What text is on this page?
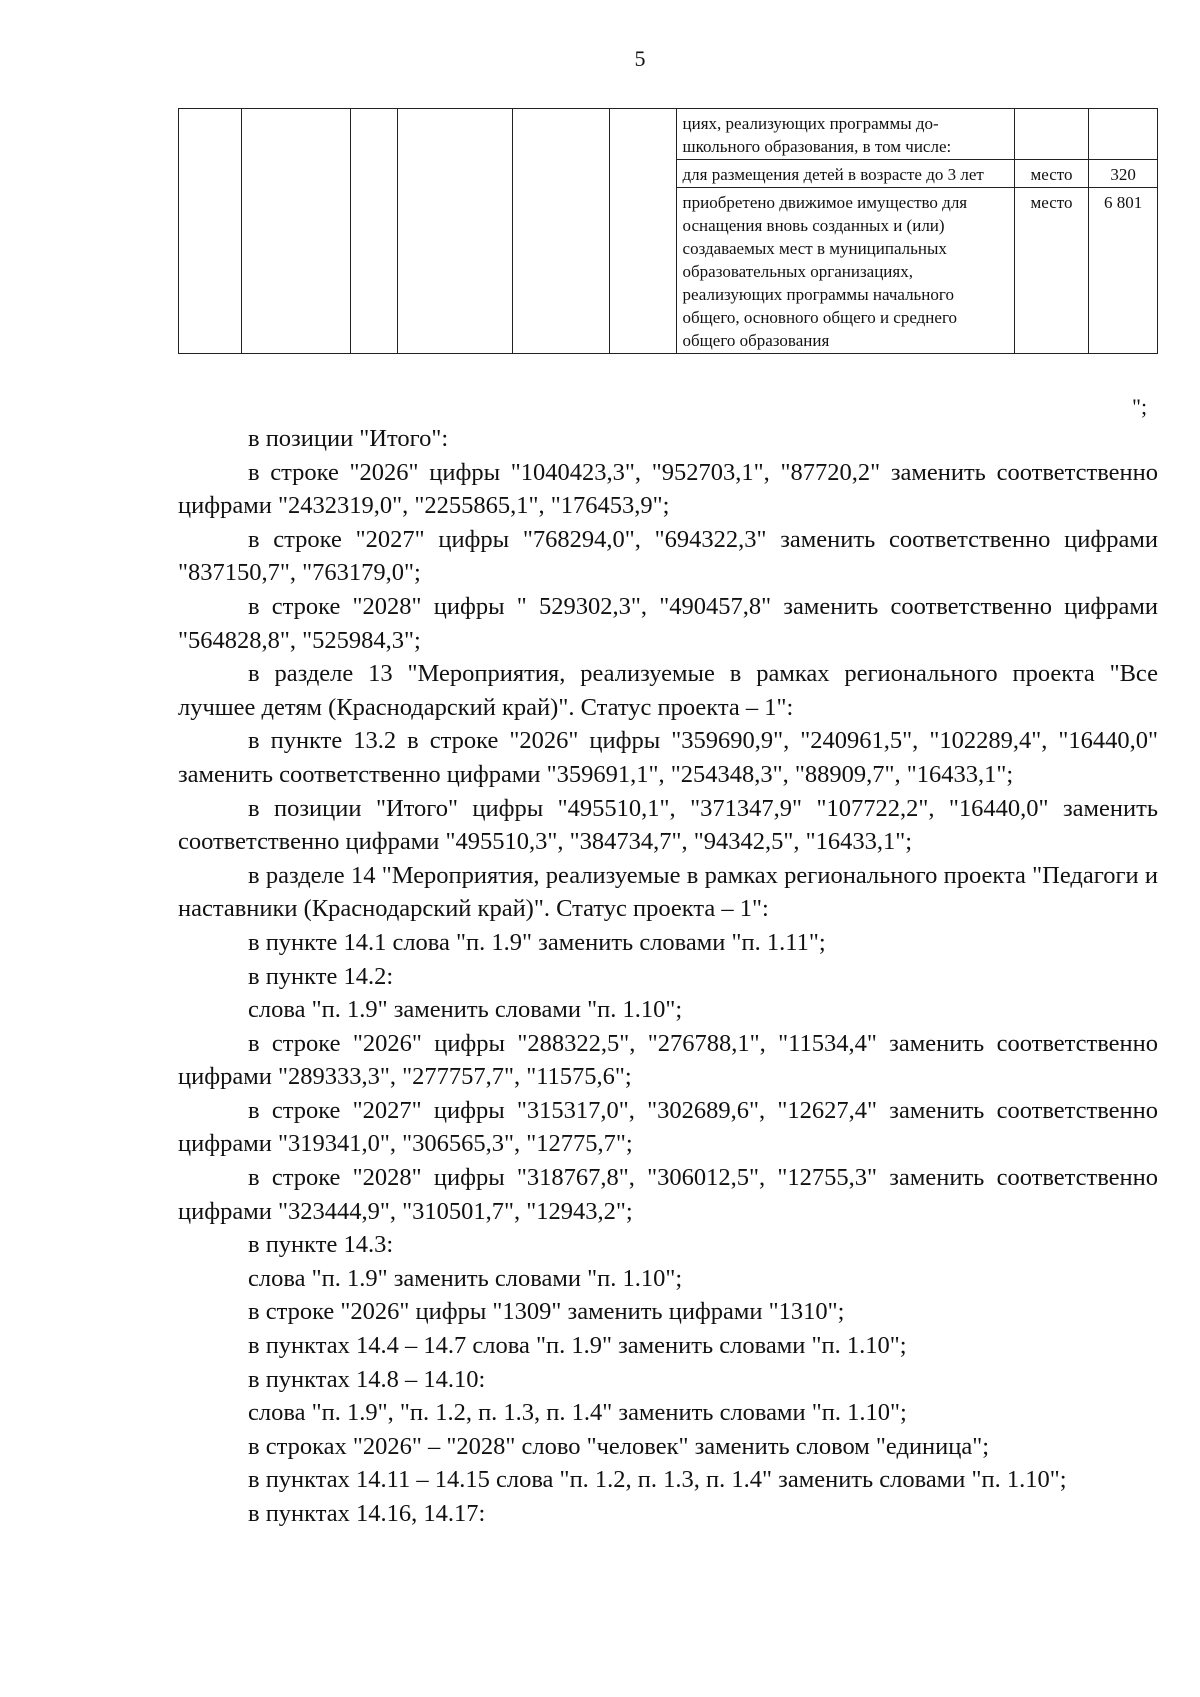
5
						циях, реализующих программы дошкольного образования, в том числе:		
						для размещения детей в возрасте до 3 лет	место	320
						приобретено движимое имущество для оснащения вновь созданных и (или) создаваемых мест в муниципальных образовательных организациях, реализующих программы начального общего, основного общего и среднего общего образования	место	6 801
";

в позиции "Итого":

в строке "2026" цифры "1040423,3", "952703,1", "87720,2" заменить соответственно цифрами "2432319,0", "2255865,1", "176453,9";

в строке "2027" цифры "768294,0", "694322,3" заменить соответственно цифрами "837150,7", "763179,0";

в строке "2028" цифры " 529302,3", "490457,8" заменить соответственно цифрами "564828,8", "525984,3";

в разделе 13 "Мероприятия, реализуемые в рамках регионального проекта "Все лучшее детям (Краснодарский край)". Статус проекта – 1":

в пункте 13.2 в строке "2026" цифры "359690,9", "240961,5", "102289,4", "16440,0" заменить соответственно цифрами "359691,1", "254348,3", "88909,7", "16433,1";

в позиции "Итого" цифры "495510,1", "371347,9" "107722,2", "16440,0" заменить соответственно цифрами "495510,3", "384734,7", "94342,5", "16433,1";

в разделе 14 "Мероприятия, реализуемые в рамках регионального проекта "Педагоги и наставники (Краснодарский край)". Статус проекта – 1":

в пункте 14.1 слова "п. 1.9" заменить словами "п. 1.11";

в пункте 14.2:

слова "п. 1.9" заменить словами "п. 1.10";

в строке "2026" цифры "288322,5", "276788,1", "11534,4" заменить соответственно цифрами "289333,3", "277757,7", "11575,6";

в строке "2027" цифры "315317,0", "302689,6", "12627,4" заменить соответственно цифрами "319341,0", "306565,3", "12775,7";

в строке "2028" цифры "318767,8", "306012,5", "12755,3" заменить соответственно цифрами "323444,9", "310501,7", "12943,2";

в пункте 14.3:

слова "п. 1.9" заменить словами "п. 1.10";

в строке "2026" цифры "1309" заменить цифрами "1310";

в пунктах 14.4 – 14.7 слова "п. 1.9" заменить словами "п. 1.10";

в пунктах 14.8 – 14.10:

слова "п. 1.9", "п. 1.2, п. 1.3, п. 1.4" заменить словами "п. 1.10";

в строках "2026" – "2028" слово "человек" заменить словом "единица";

в пунктах 14.11 – 14.15 слова "п. 1.2, п. 1.3, п. 1.4" заменить словами "п. 1.10";

в пунктах 14.16, 14.17:
